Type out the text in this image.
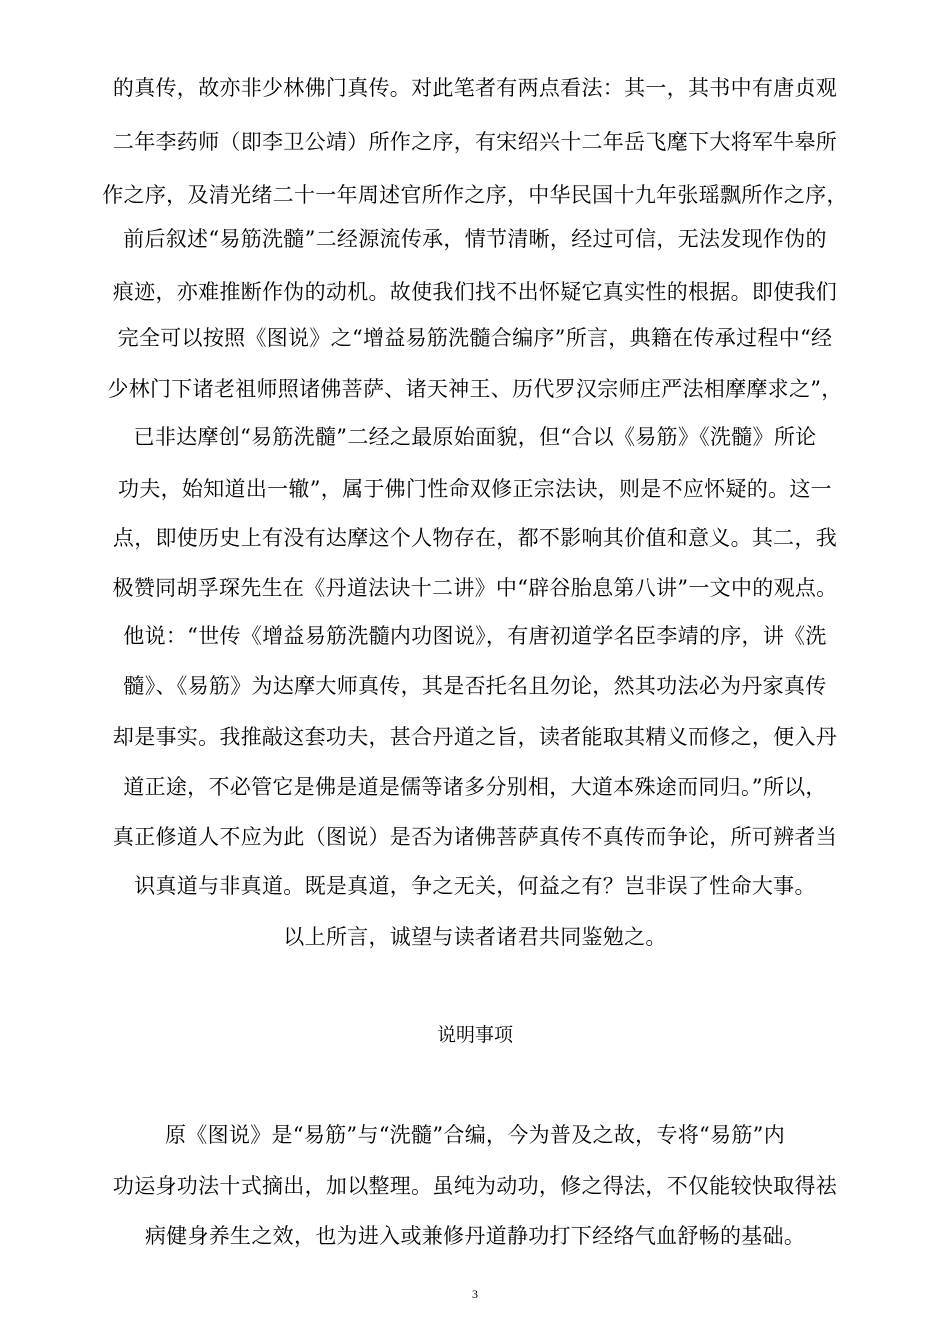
的真传，故亦非少林佛门真传。对此笔者有两点看法：其一，其书中有唐贞观
二年李药师（即李卫公靖）所作之序，有宋绍兴十二年岳飞麾下大将军牛皋所
作之序，及清光绪二十一年周述官所作之序，中华民国十九年张瑶飘所作之序，
前后叙述“易筋洗髓”二经源流传承，情节清晰，经过可信，无法发现作伪的
痕迹，亦难推断作伪的动机。故使我们找不出怀疑它真实性的根据。即使我们
完全可以按照《图说》之“增益易筋洗髓合编序”所言，典籍在传承过程中“经
少林门下诸老祖师照诸佛菩萨、诸天神王、历代罗汉宗师庄严法相摩摩求之”，
已非达摩创“易筋洗髓”二经之最原始面貌，但“合以《易筋》《洗髓》所论
功夫，始知道出一辙”，属于佛门性命双修正宗法诀，则是不应怀疑的。这一
点，即使历史上有没有达摩这个人物存在，都不影响其价值和意义。其二，我
极赞同胡孚琛先生在《丹道法诀十二讲》中“辟谷胎息第八讲”一文中的观点。
他说：“世传《增益易筋洗髓内功图说》，有唐初道学名臣李靖的序，讲《洗
髓》、《易筋》为达摩大师真传，其是否托名且勿论，然其功法必为丹家真传
却是事实。我推敲这套功夫，甚合丹道之旨，读者能取其精义而修之，便入丹
道正途，不必管它是佛是道是儒等诸多分别相，大道本殊途而同归。”所以，
真正修道人不应为此（图说）是否为诸佛菩萨真传不真传而争论，所可辨者当
识真道与非真道。既是真道，争之无关，何益之有？岂非误了性命大事。
以上所言，诚望与读者诸君共同鉴勉之。
说明事项
原《图说》是“易筋”与“洗髓”合编，今为普及之故，专将“易筋”内
功运身功法十式摘出，加以整理。虽纯为动功，修之得法，不仅能较快取得祛
病健身养生之效，也为进入或兼修丹道静功打下经络气血舒畅的基础。
3
